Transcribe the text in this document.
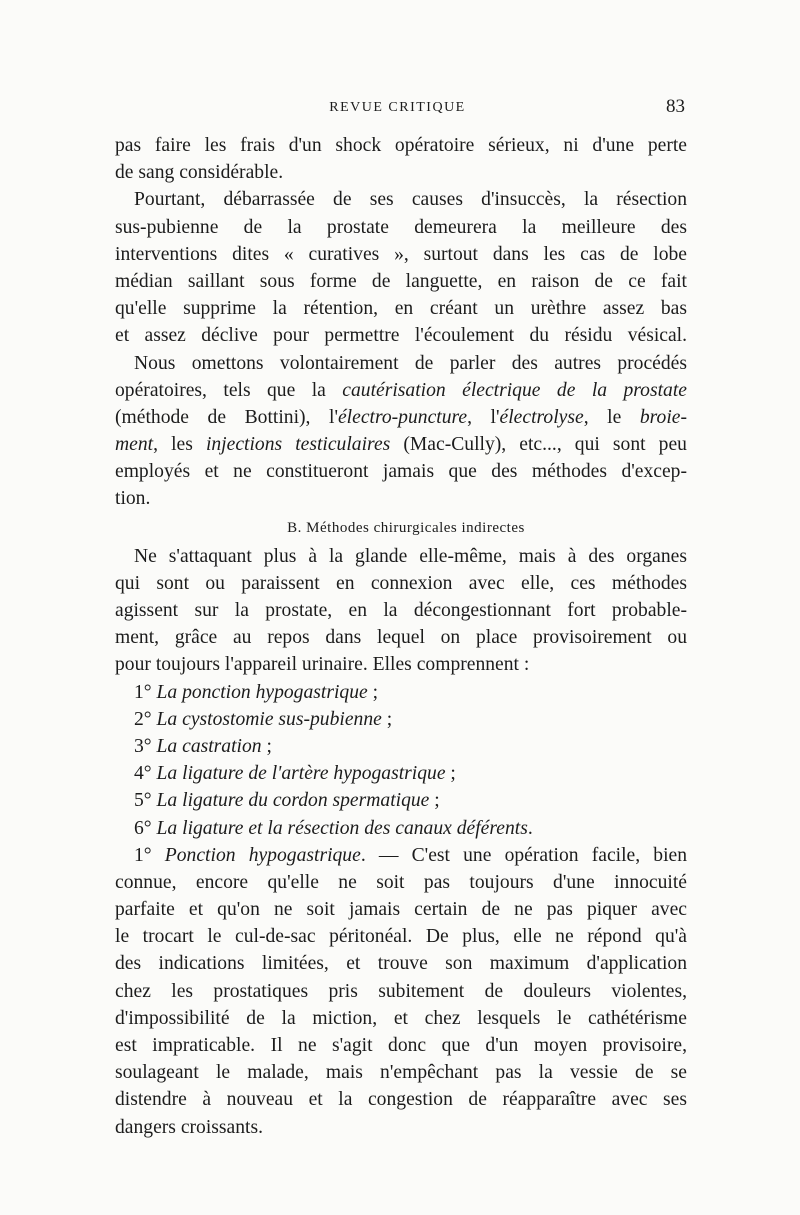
REVUE CRITIQUE	83
pas faire les frais d'un shock opératoire sérieux, ni d'une perte
de sang considérable.
Pourtant, débarrassée de ses causes d'insuccès, la résection
sus-pubienne de la prostate demeurera la meilleure des
interventions dites « curatives », surtout dans les cas de lobe
médian saillant sous forme de languette, en raison de ce fait
qu'elle supprime la rétention, en créant un urèthre assez bas
et assez déclive pour permettre l'écoulement du résidu vésical.
Nous omettons volontairement de parler des autres procédés
opératoires, tels que la cautérisation électrique de la prostate
(méthode de Bottini), l'électro-puncture, l'électrolyse, le broie-
ment, les injections testiculaires (Mac-Cully), etc..., qui sont peu
employés et ne constitueront jamais que des méthodes d'excep-
tion.
B. Méthodes chirurgicales indirectes
Ne s'attaquant plus à la glande elle-même, mais à des organes
qui sont ou paraissent en connexion avec elle, ces méthodes
agissent sur la prostate, en la décongestionnant fort probable-
ment, grâce au repos dans lequel on place provisoirement ou
pour toujours l'appareil urinaire. Elles comprennent :
1° La ponction hypogastrique ;
2° La cystostomie sus-pubienne ;
3° La castration ;
4° La ligature de l'artère hypogastrique ;
5° La ligature du cordon spermatique ;
6° La ligature et la résection des canaux déférents.
1° Ponction hypogastrique. — C'est une opération facile, bien
connue, encore qu'elle ne soit pas toujours d'une innocuité
parfaite et qu'on ne soit jamais certain de ne pas piquer avec
le trocart le cul-de-sac péritonéal. De plus, elle ne répond qu'à
des indications limitées, et trouve son maximum d'application
chez les prostatiques pris subitement de douleurs violentes,
d'impossibilité de la miction, et chez lesquels le cathétérisme
est impraticable. Il ne s'agit donc que d'un moyen provisoire,
soulageant le malade, mais n'empêchant pas la vessie de se
distendre à nouveau et la congestion de réapparaître avec ses
dangers croissants.
